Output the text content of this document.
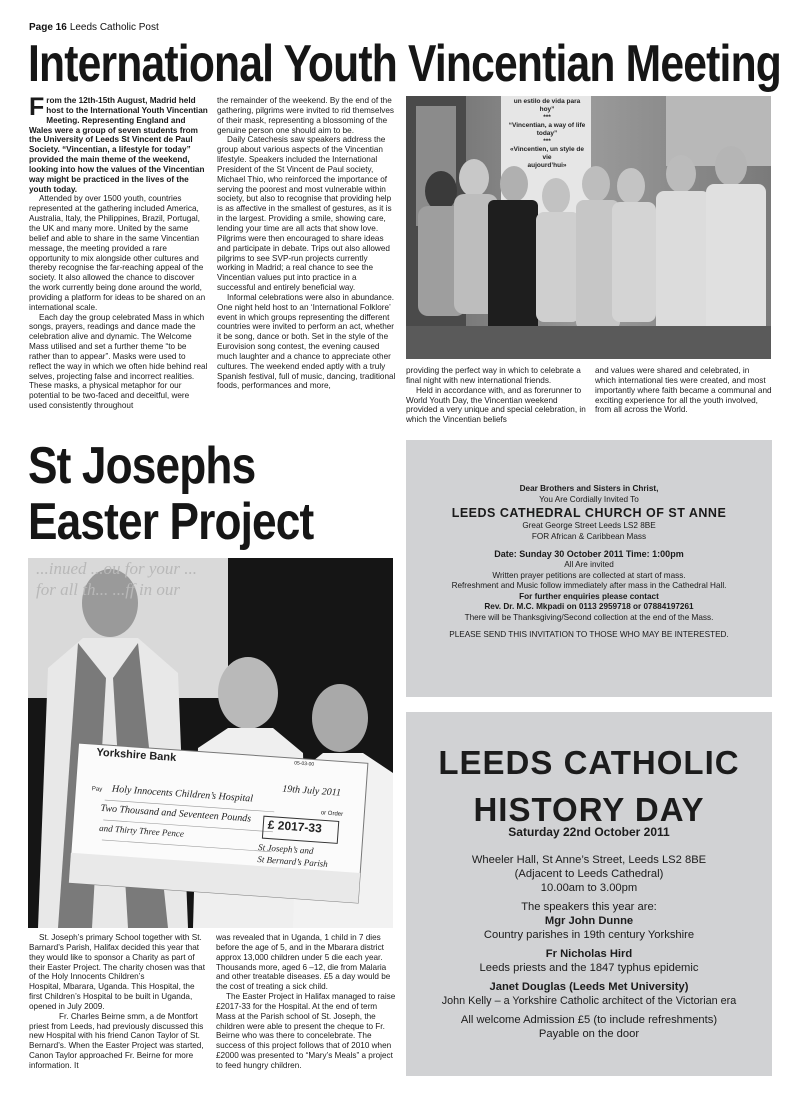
Page 16 Leeds Catholic Post
International Youth Vincentian Meeting

From the 12th-15th August, Madrid held host to the International Youth Vincentian Meeting. Representing England and Wales were a group of seven students from the University of Leeds St Vincent de Paul Society. “Vincentian, a lifestyle for today” provided the main theme of the weekend, looking into how the values of the Vincentian way might be practiced in the lives of the youth today.

Attended by over 1500 youth, countries represented at the gathering included America, Australia, Italy, the Philippines, Brazil, Portugal, the UK and many more. United by the same belief and able to share in the same Vincentian message, the meeting provided a rare opportunity to mix alongside other cultures and thereby recognise the far-reaching appeal of the society. It also allowed the chance to discover the work currently being done around the world, providing a platform for ideas to be shared on an international scale.

Each day the group celebrated Mass in which songs, prayers, readings and dance made the celebration alive and dynamic. The Welcome Mass utilised and set a further theme “to be rather than to appear”. Masks were used to reflect the way in which we often hide behind real selves, projecting false and incorrect realities. These masks, a physical metaphor for our potential to be two-faced and deceitful, were used consistently throughout

the remainder of the weekend. By the end of the gathering, pilgrims were invited to rid themselves of their mask, representing a blossoming of the genuine person one should aim to be.

Daily Catechesis saw speakers address the group about various aspects of the Vincentian lifestyle. Speakers included the International President of the St Vincent de Paul society, Michael Thio, who reinforced the importance of serving the poorest and most vulnerable within society, but also to recognise that providing help is as affective in the smallest of gestures, as it is in the largest. Providing a smile, showing care, lending your time are all acts that show love. Pilgrims were then encouraged to share ideas and participate in debate. Trips out also allowed pilgrims to see SVP-run projects currently working in Madrid; a real chance to see the Vincentian values put into practice in a successful and entirely beneficial way.

Informal celebrations were also in abundance. One night held host to an ‘International Folklore’ event in which groups representing the different countries were invited to perform an act, whether it be song, dance or both. Set in the style of the Eurovision song contest, the evening caused much laughter and a chance to appreciate other cultures. The weekend ended aptly with a truly Spanish festival, full of music, dancing, traditional foods, performances and more,

un estilo de vida para hoy”
***
“Vincentian, a way of life today”
***
«Vincentien, un style de vie
aujourd’hui»

providing the perfect way in which to celebrate a final night with new international friends.

Held in accordance with, and as forerunner to World Youth Day, the Vincentian weekend provided a very unique and special celebration, in which the Vincentian beliefs

and values were shared and celebrated, in which international ties were created, and most importantly where faith became a communal and exciting experience for all the youth involved, from all across the World.

St Josephs Easter Project
...inued ...ou for your ... for all th... ...ff in our
Yorkshire Bank	05-03-00
19th July 2011
Pay Holy Innocents Children’s Hospital
or Order
Two Thousand and Seventeen Pounds
and Thirty Three Pence	£ 2017-33
St Joseph’s and
St Bernard’s Parish

St. Joseph’s primary School together with St. Barnard’s Parish, Halifax decided this year that they would like to sponsor a Charity as part of their Easter Project. The charity chosen was that of the Holy Innocents Children’s

Hospital, Mbarara, Uganda. This Hospital, the first Children’s Hospital to be built in Uganda, opened in July 2009.

Fr. Charles Beirne smm, a de Montfort priest from Leeds, had previously discussed this new Hospital with his friend Canon Taylor of St. Bernard’s. When the Easter Project was started, Canon Taylor approached Fr. Beirne for more information. It

was revealed that in Uganda, 1 child in 7 dies before the age of 5, and in the Mbarara district approx 13,000 children under 5 die each year. Thousands more, aged 6 –12, die from Malaria and other treatable diseases. £5 a day would be the cost of treating a sick child.

The Easter Project in Halifax managed to raise £2017-33 for the Hospital. At the end of term Mass at the Parish school of St. Joseph, the children were able to present the cheque to Fr. Beirne who was there to concelebrate. The success of this project follows that of 2010 when £2000 was presented to “Mary’s Meals” a project to feed hungry children.

Dear Brothers and Sisters in Christ,
You Are Cordially Invited To
LEEDS CATHEDRAL CHURCH OF ST ANNE
Great George Street Leeds LS2 8BE
FOR African & Caribbean Mass
Date: Sunday 30 October 2011 Time: 1:00pm
All Are invited
Written prayer petitions are collected at start of mass.
Refreshment and Music follow immediately after mass in the Cathedral Hall.
For further enquiries please contact
Rev. Dr. M.C. Mkpadi on 0113 2959718 or 07884197261
There will be Thanksgiving/Second collection at the end of the Mass.
PLEASE SEND THIS INVITATION TO THOSE WHO MAY BE INTERESTED.
LEEDS CATHOLIC
HISTORY DAY
Saturday 22nd October 2011
Wheeler Hall, St Anne’s Street, Leeds LS2 8BE
(Adjacent to Leeds Cathedral)
10.00am to 3.00pm
The speakers this year are:
Mgr John Dunne
Country parishes in 19th century Yorkshire
Fr Nicholas Hird
Leeds priests and the 1847 typhus epidemic
Janet Douglas (Leeds Met University)
John Kelly – a Yorkshire Catholic architect of the Victorian era
All welcome Admission £5 (to include refreshments)
Payable on the door
